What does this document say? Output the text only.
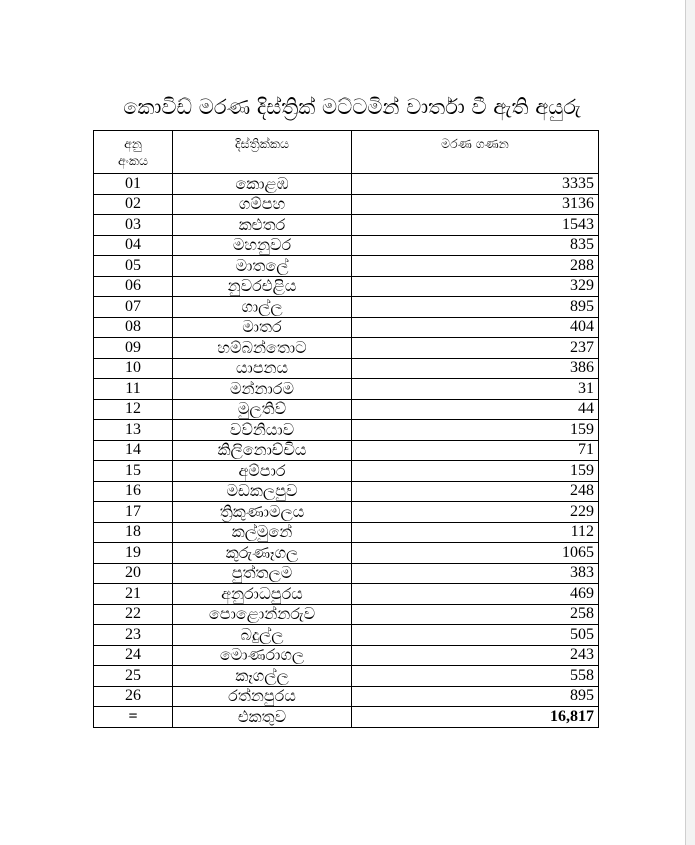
කොවිඩ් මරණ දිස්ත්‍රික් මට්ටමින් වාර්තා වී ඇති අයුරු
අනු
අංකය	දිස්ත්‍රික්කය	මරණ ගණන
01	කොළඹ	3335
02	ගම්පහ	3136
03	කළුතර	1543
04	මහනුවර	835
05	මාතලේ	288
06	නුවරඑළිය	329
07	ගාල්ල	895
08	මාතර	404
09	හම්බන්තොට	237
10	යාපනය	386
11	මන්නාරම	31
12	මුලතිව්	44
13	වව්නියාව	159
14	කිලිනොච්චිය	71
15	අම්පාර	159
16	මඩකලපුව	248
17	ත්‍රිකුණාමලය	229
18	කල්මුනේ	112
19	කුරුණෑගල	1065
20	පුත්තලම	383
21	අනුරාධපුරය	469
22	පොළොන්නරුව	258
23	බදුල්ල	505
24	මොණරාගල	243
25	කෑගල්ල	558
26	රත්නපුරය	895
=	එකතුව	16,817
